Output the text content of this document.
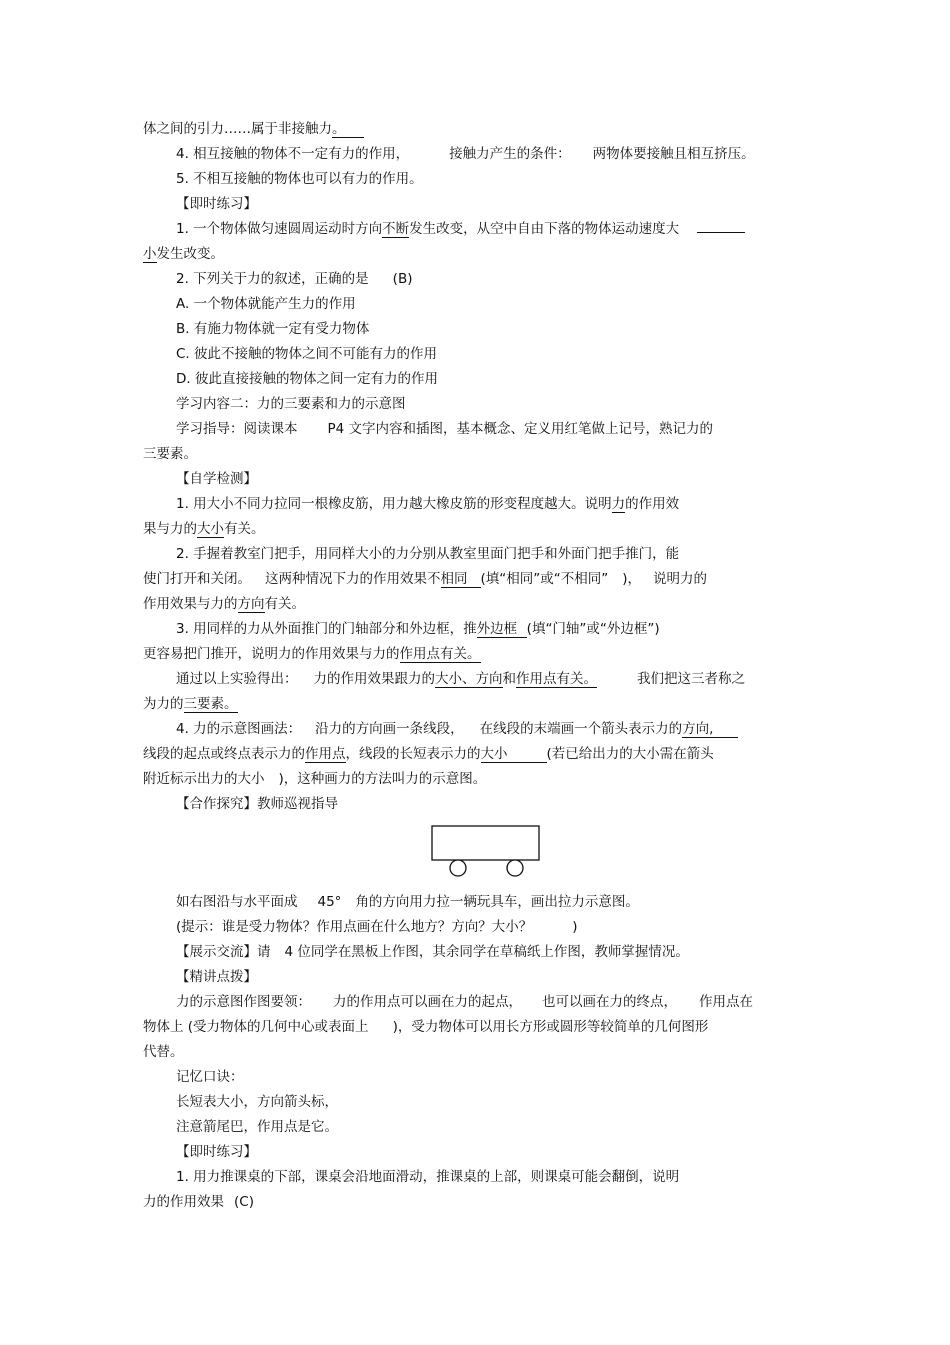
体之间的引力……属于非接触力。
4. 相互接触的物体不一定有力的作用，	接触力产生的条件： 两物体要接触且相互挤压。
5. 不相互接触的物体也可以有力的作用。
【即时练习】
1. 一个物体做匀速圆周运动时方向不断发生改变，从空中自由下落的物体运动速度大
小发生改变。
2. 下列关于力的叙述，正确的是 (B)
A. 一个物体就能产生力的作用
B. 有施力物体就一定有受力物体
C. 彼此不接触的物体之间不可能有力的作用
D. 彼此直接接触的物体之间一定有力的作用
学习内容二：力的三要素和力的示意图
学习指导：阅读课本 P4 文字内容和插图，基本概念、定义用红笔做上记号，熟记力的
三要素。
【自学检测】
1. 用大小不同力拉同一根橡皮筋，用力越大橡皮筋的形变程度越大。说明力的作用效
果与力的大小有关。
2. 手握着教室门把手，用同样大小的力分别从教室里面门把手和外面门把手推门，能
使门打开和关闭。 这两种情况下力的作用效果不相同 (填“相同”或“不相同” )， 说明力的
作用效果与力的方向有关。
3. 用同样的力从外面推门的门轴部分和外边框，推外边框 (填“门轴”或“外边框”)
更容易把门推开，说明力的作用效果与力的作用点有关。
通过以上实验得出： 力的作用效果跟力的大小、方向和作用点有关。	我们把这三者称之
为力的三要素。
4. 力的示意图画法： 沿力的方向画一条线段， 在线段的末端画一个箭头表示力的方向,
线段的起点或终点表示力的作用点，线段的长短表示力的大小	(若已给出力的大小需在箭头
附近标示出力的大小 )，这种画力的方法叫力的示意图。
【合作探究】教师巡视指导
如右图沿与水平面成 45° 角的方向用力拉一辆玩具车，画出拉力示意图。
(提示：谁是受力物体？作用点画在什么地方？方向？大小？	)
【展示交流】请 4 位同学在黑板上作图，其余同学在草稿纸上作图，教师掌握情况。
【精讲点拨】
力的示意图作图要领： 力的作用点可以画在力的起点， 也可以画在力的终点， 作用点在
物体上 (受力物体的几何中心或表面上 )，受力物体可以用长方形或圆形等较简单的几何图形
代替。
记忆口诀：
长短表大小，方向箭头标，
注意箭尾巴，作用点是它。
【即时练习】
1. 用力推课桌的下部，课桌会沿地面滑动，推课桌的上部，则课桌可能会翻倒，说明
力的作用效果 (C)
